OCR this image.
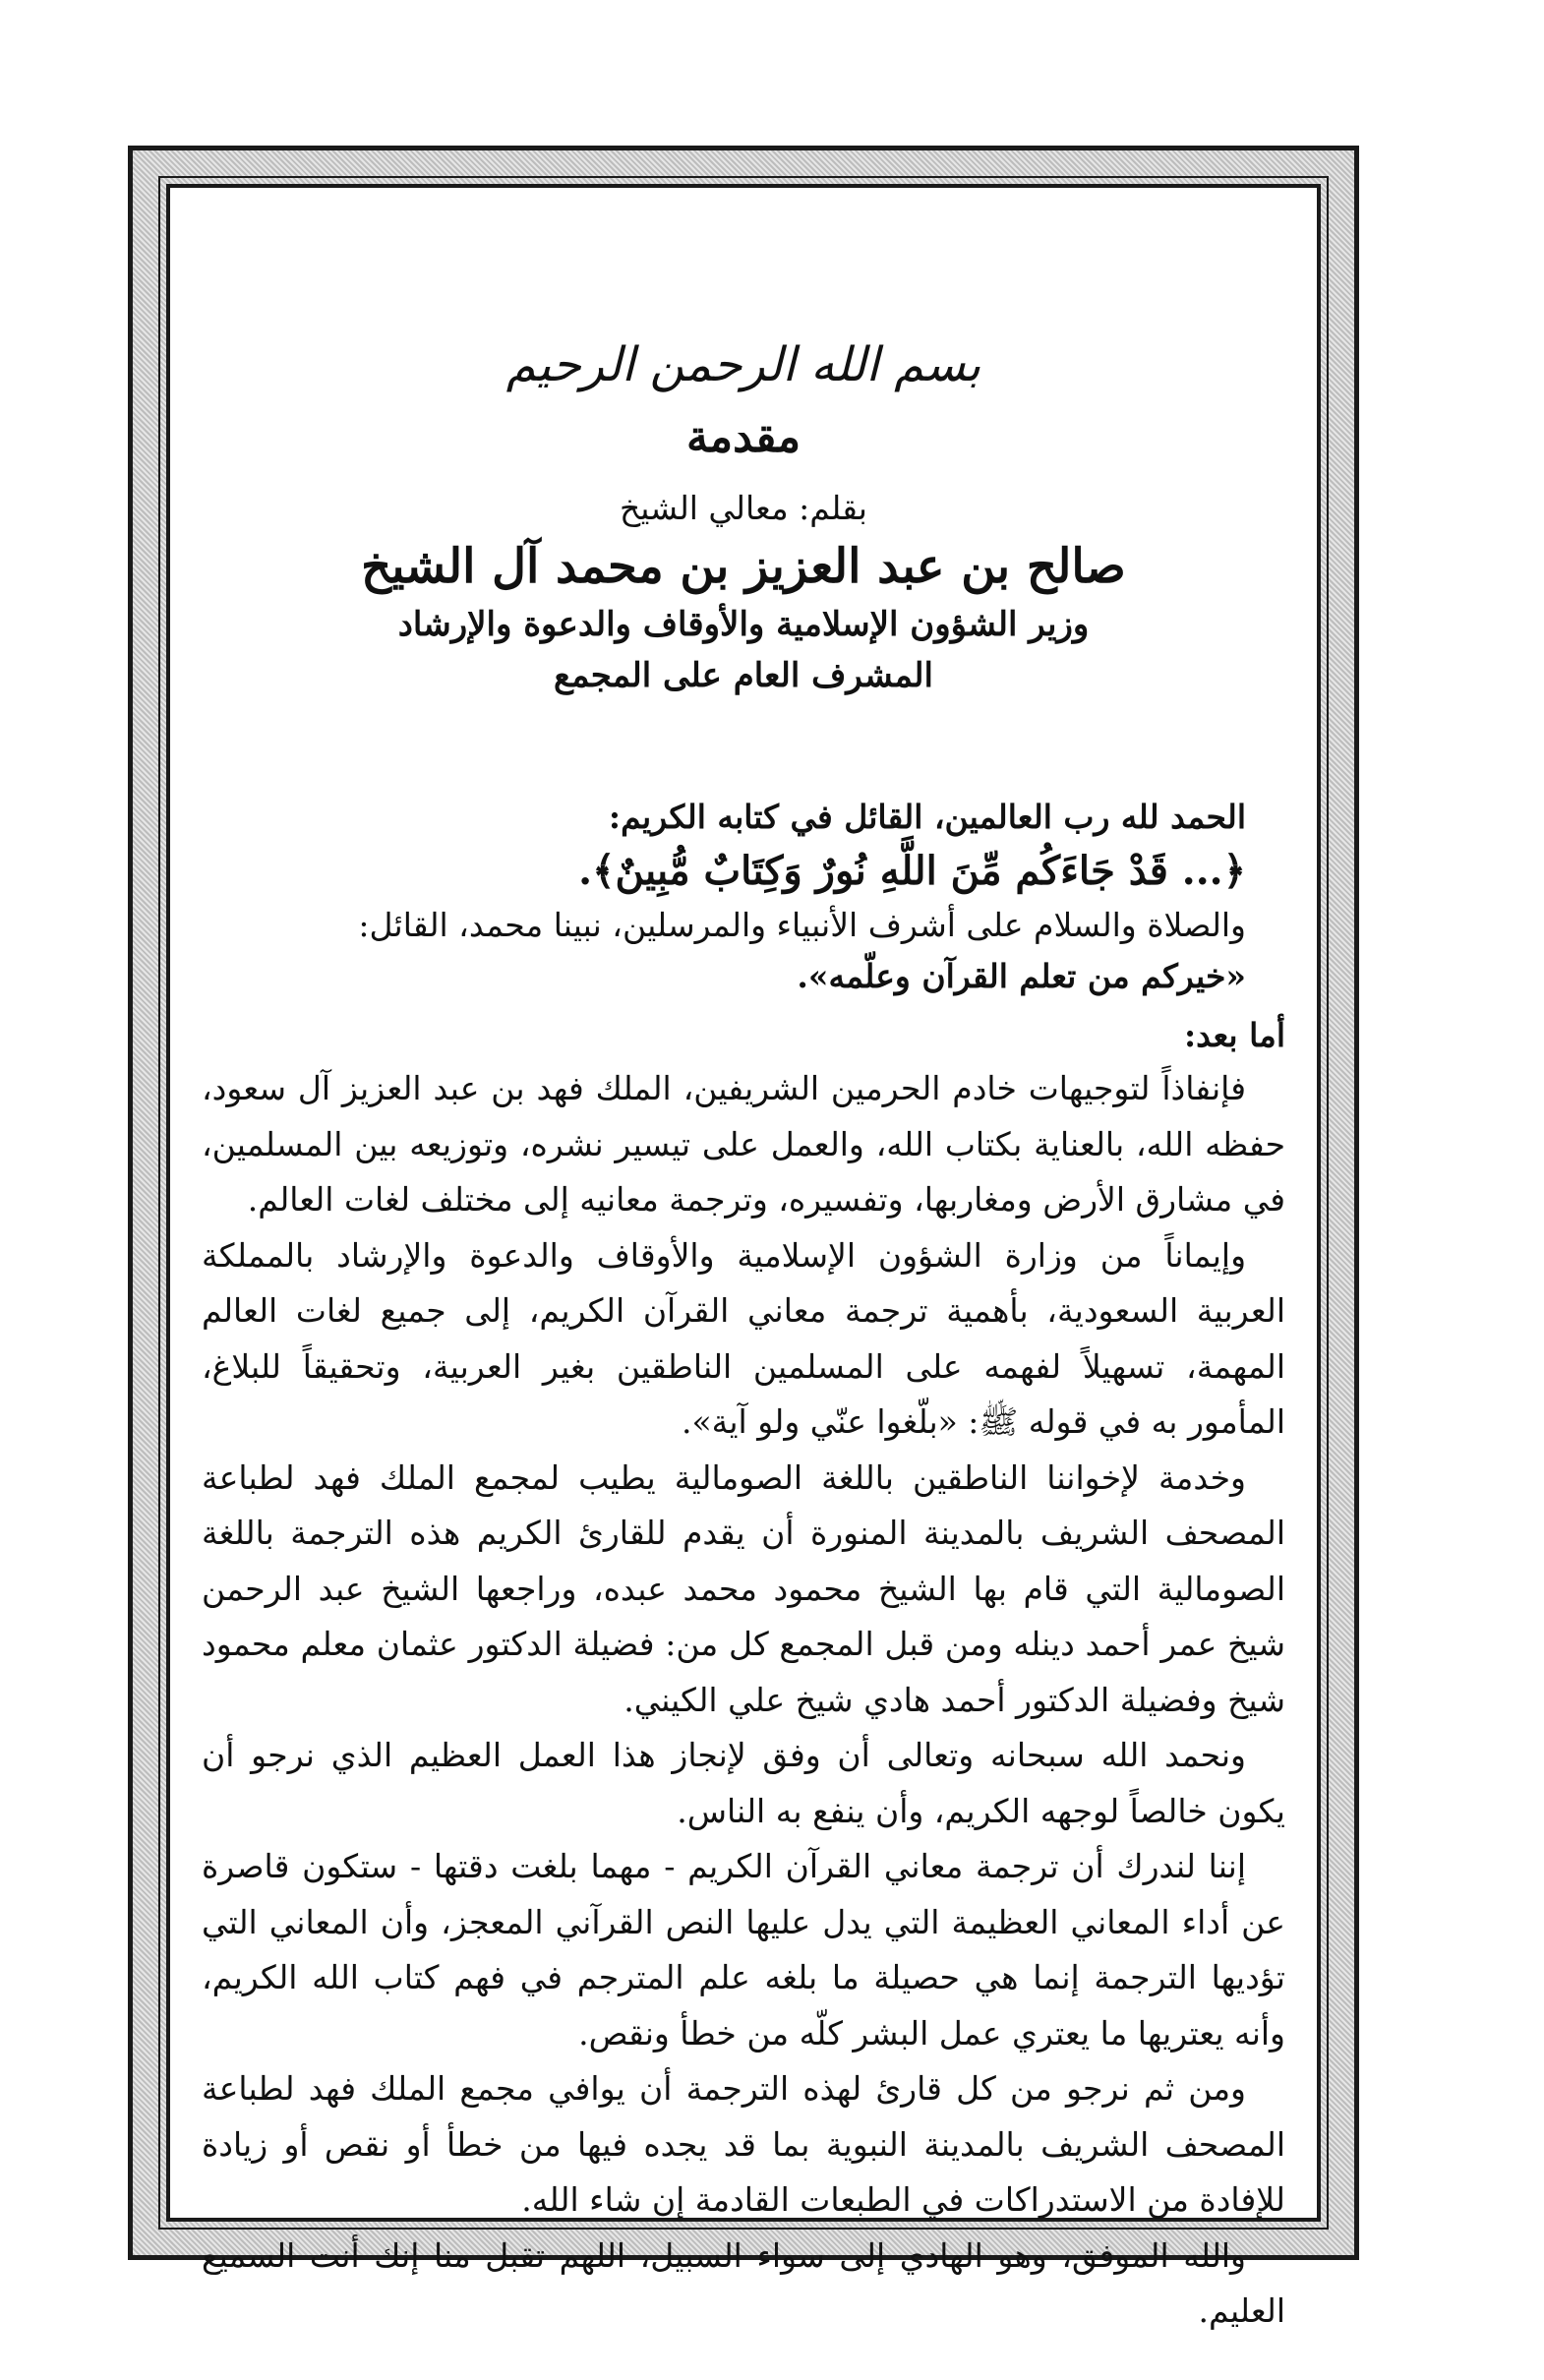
بسم الله الرحمن الرحيم
مقدمة
بقلم: معالي الشيخ
صالح بن عبد العزيز بن محمد آل الشيخ
وزير الشؤون الإسلامية والأوقاف والدعوة والإرشاد
المشرف العام على المجمع
الحمد لله رب العالمين، القائل في كتابه الكريم:
﴿... قَدْ جَاءَكُم مِّنَ اللَّهِ نُورٌ وَكِتَابٌ مُّبِينٌ﴾.
والصلاة والسلام على أشرف الأنبياء والمرسلين، نبينا محمد، القائل:
«خيركم من تعلم القرآن وعلّمه».
أما بعد:

فإنفاذاً لتوجيهات خادم الحرمين الشريفين، الملك فهد بن عبد العزيز آل سعود، حفظه الله، بالعناية بكتاب الله، والعمل على تيسير نشره، وتوزيعه بين المسلمين، في مشارق الأرض ومغاربها، وتفسيره، وترجمة معانيه إلى مختلف لغات العالم.

وإيماناً من وزارة الشؤون الإسلامية والأوقاف والدعوة والإرشاد بالمملكة العربية السعودية، بأهمية ترجمة معاني القرآن الكريم، إلى جميع لغات العالم المهمة، تسهيلاً لفهمه على المسلمين الناطقين بغير العربية، وتحقيقاً للبلاغ، المأمور به في قوله ﷺ: «بلّغوا عنّي ولو آية».

وخدمة لإخواننا الناطقين باللغة الصومالية يطيب لمجمع الملك فهد لطباعة المصحف الشريف بالمدينة المنورة أن يقدم للقارئ الكريم هذه الترجمة باللغة الصومالية التي قام بها الشيخ محمود محمد عبده، وراجعها الشيخ عبد الرحمن شيخ عمر أحمد دينله ومن قبل المجمع كل من: فضيلة الدكتور عثمان معلم محمود شيخ وفضيلة الدكتور أحمد هادي شيخ علي الكيني.

ونحمد الله سبحانه وتعالى أن وفق لإنجاز هذا العمل العظيم الذي نرجو أن يكون خالصاً لوجهه الكريم، وأن ينفع به الناس.

إننا لندرك أن ترجمة معاني القرآن الكريم - مهما بلغت دقتها - ستكون قاصرة عن أداء المعاني العظيمة التي يدل عليها النص القرآني المعجز، وأن المعاني التي تؤديها الترجمة إنما هي حصيلة ما بلغه علم المترجم في فهم كتاب الله الكريم، وأنه يعتريها ما يعتري عمل البشر كلّه من خطأ ونقص.

ومن ثم نرجو من كل قارئ لهذه الترجمة أن يوافي مجمع الملك فهد لطباعة المصحف الشريف بالمدينة النبوية بما قد يجده فيها من خطأ أو نقص أو زيادة للإفادة من الاستدراكات في الطبعات القادمة إن شاء الله.

والله الموفق، وهو الهادي إلى سواء السبيل، اللهم تقبل منا إنك أنت السميع العليم.
